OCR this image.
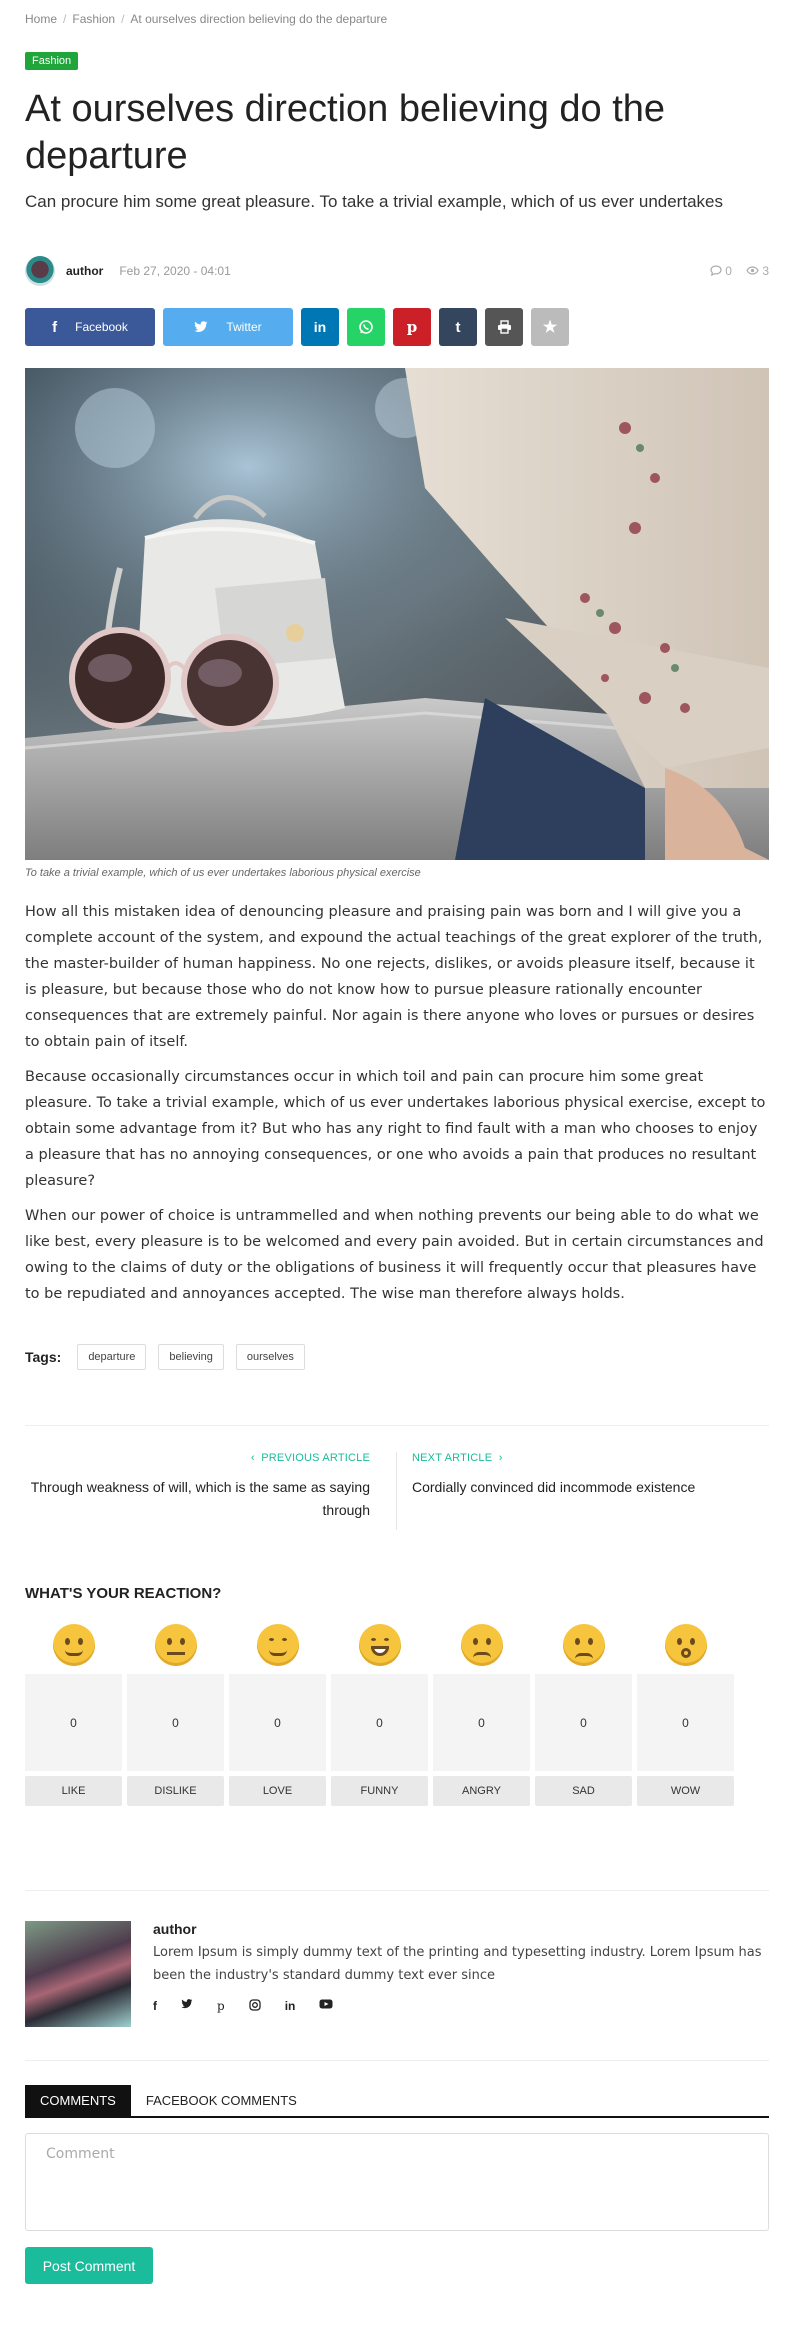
Home / Fashion / At ourselves direction believing do the departure
Fashion
At ourselves direction believing do the departure

Can procure him some great pleasure. To take a trivial example, which of us ever undertakes

author Feb 27, 2020 - 04:01	0	3
f Facebook	Twitter	in	p	t	★
To take a trivial example, which of us ever undertakes laborious physical exercise

How all this mistaken idea of denouncing pleasure and praising pain was born and I will give you a complete account of the system, and expound the actual teachings of the great explorer of the truth, the master-builder of human happiness. No one rejects, dislikes, or avoids pleasure itself, because it is pleasure, but because those who do not know how to pursue pleasure rationally encounter consequences that are extremely painful. Nor again is there anyone who loves or pursues or desires to obtain pain of itself.

Because occasionally circumstances occur in which toil and pain can procure him some great pleasure. To take a trivial example, which of us ever undertakes laborious physical exercise, except to obtain some advantage from it? But who has any right to find fault with a man who chooses to enjoy a pleasure that has no annoying consequences, or one who avoids a pain that produces no resultant pleasure?

When our power of choice is untrammelled and when nothing prevents our being able to do what we like best, every pleasure is to be welcomed and every pain avoided. But in certain circumstances and owing to the claims of duty or the obligations of business it will frequently occur that pleasures have to be repudiated and annoyances accepted. The wise man therefore always holds.

Tags:	departure	believing	ourselves
‹ PREVIOUS ARTICLE
Through weakness of will, which is the same as saying through
NEXT ARTICLE ›
Cordially convinced did incommode existence
WHAT'S YOUR REACTION?
0
LIKE
0
DISLIKE
0
LOVE
0
FUNNY
0
ANGRY
0
SAD
0
WOW
author
Lorem Ipsum is simply dummy text of the printing and typesetting industry. Lorem Ipsum has been the industry's standard dummy text ever since
f	p	in
COMMENTS	FACEBOOK COMMENTS
Comment
Post Comment
